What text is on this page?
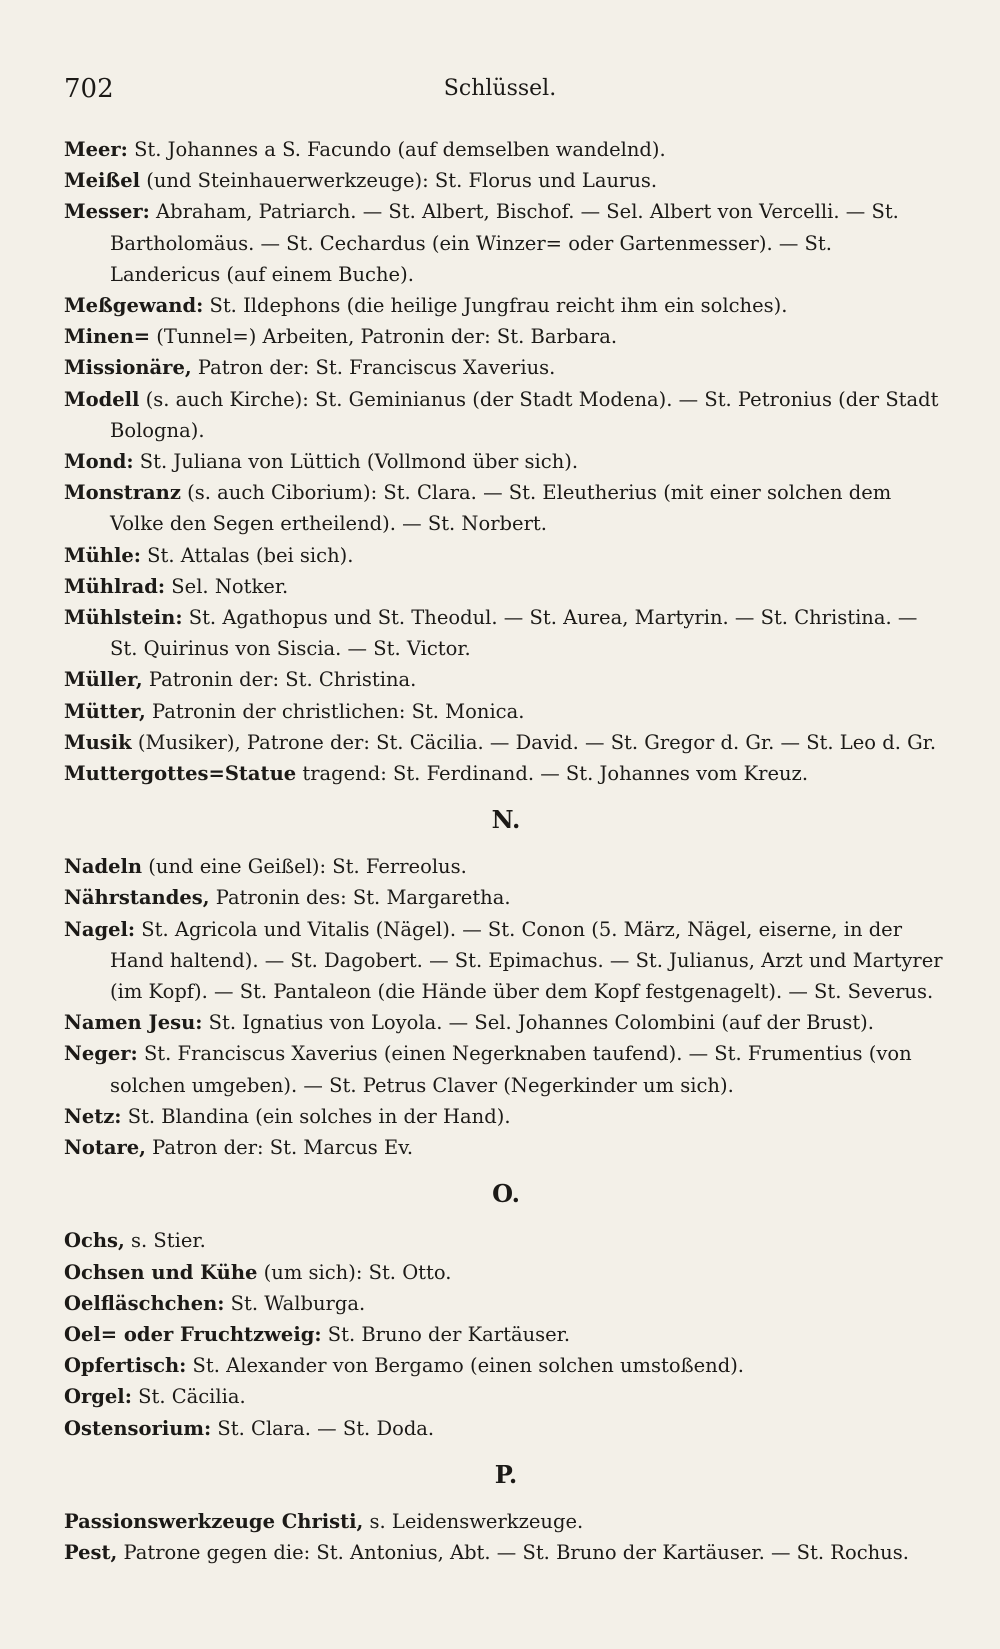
702	Schlüssel.

Meer: St. Johannes a S. Facundo (auf demselben wandelnd).

Meißel (und Steinhauerwerkzeuge): St. Florus und Laurus.

Messer: Abraham, Patriarch. — St. Albert, Bischof. — Sel. Albert von Vercelli. — St. Bartholomäus. — St. Cechardus (ein Winzer= oder Gartenmesser). — St. Landericus (auf einem Buche).

Meßgewand: St. Ildephons (die heilige Jungfrau reicht ihm ein solches).

Minen= (Tunnel=) Arbeiten, Patronin der: St. Barbara.

Missionäre, Patron der: St. Franciscus Xaverius.

Modell (s. auch Kirche): St. Geminianus (der Stadt Modena). — St. Petronius (der Stadt Bologna).

Mond: St. Juliana von Lüttich (Vollmond über sich).

Monstranz (s. auch Ciborium): St. Clara. — St. Eleutherius (mit einer solchen dem Volke den Segen ertheilend). — St. Norbert.

Mühle: St. Attalas (bei sich).

Mühlrad: Sel. Notker.

Mühlstein: St. Agathopus und St. Theodul. — St. Aurea, Martyrin. — St. Christina. — St. Quirinus von Siscia. — St. Victor.

Müller, Patronin der: St. Christina.

Mütter, Patronin der christlichen: St. Monica.

Musik (Musiker), Patrone der: St. Cäcilia. — David. — St. Gregor d. Gr. — St. Leo d. Gr.

Muttergottes=Statue tragend: St. Ferdinand. — St. Johannes vom Kreuz.

N.

Nadeln (und eine Geißel): St. Ferreolus.

Nährstandes, Patronin des: St. Margaretha.

Nagel: St. Agricola und Vitalis (Nägel). — St. Conon (5. März, Nägel, eiserne, in der Hand haltend). — St. Dagobert. — St. Epimachus. — St. Julianus, Arzt und Martyrer (im Kopf). — St. Pantaleon (die Hände über dem Kopf festgenagelt). — St. Severus.

Namen Jesu: St. Ignatius von Loyola. — Sel. Johannes Colombini (auf der Brust).

Neger: St. Franciscus Xaverius (einen Negerknaben taufend). — St. Frumentius (von solchen umgeben). — St. Petrus Claver (Negerkinder um sich).

Netz: St. Blandina (ein solches in der Hand).

Notare, Patron der: St. Marcus Ev.

O.

Ochs, s. Stier.

Ochsen und Kühe (um sich): St. Otto.

Oelfläschchen: St. Walburga.

Oel= oder Fruchtzweig: St. Bruno der Kartäuser.

Opfertisch: St. Alexander von Bergamo (einen solchen umstoßend).

Orgel: St. Cäcilia.

Ostensorium: St. Clara. — St. Doda.

P.

Passionswerkzeuge Christi, s. Leidenswerkzeuge.

Pest, Patrone gegen die: St. Antonius, Abt. — St. Bruno der Kartäuser. — St. Rochus.
